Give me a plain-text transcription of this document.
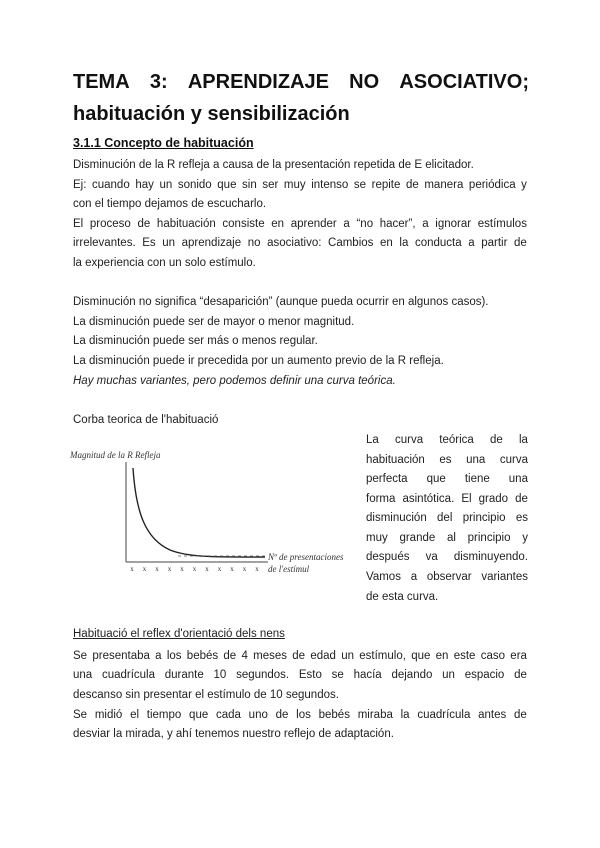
TEMA 3: APRENDIZAJE NO ASOCIATIVO;
habituación y sensibilización
3.1.1 Concepto de habituación
Disminución de la R refleja a causa de la presentación repetida de E elicitador.
Ej: cuando hay un sonido que sin ser muy intenso se repite de manera periódica y
con el tiempo dejamos de escucharlo.
El proceso de habituación consiste en aprender a “no hacer”, a ignorar estímulos
irrelevantes. Es un aprendizaje no asociativo: Cambios en la conducta a partir de
la experiencia con un solo estímulo.
Disminución no significa “desaparición” (aunque pueda ocurrir en algunos casos).
La disminución puede ser de mayor o menor magnitud.
La disminución puede ser más o menos regular.
La disminución puede ir precedida por un aumento previo de la R refleja.
Hay muchas variantes, pero podemos definir una curva teórica.
Corba teorica de l'habituació
Magnitud de la R Refleja
x x x x x x x x x x x
Nº de presentaciones
de l'estímul
La curva teórica de la
habituación es una curva
perfecta que tiene una
forma asintótica. El grado de
disminución del principio es
muy grande al principio y
después va disminuyendo.
Vamos a observar variantes
de esta curva.
Habituació el reflex d'orientació dels nens
Se presentaba a los bebés de 4 meses de edad un estímulo, que en este caso era
una cuadrícula durante 10 segundos. Esto se hacía dejando un espacio de
descanso sin presentar el estímulo de 10 segundos.
Se midió el tiempo que cada uno de los bebés miraba la cuadrícula antes de
desviar la mirada, y ahí tenemos nuestro reflejo de adaptación.
